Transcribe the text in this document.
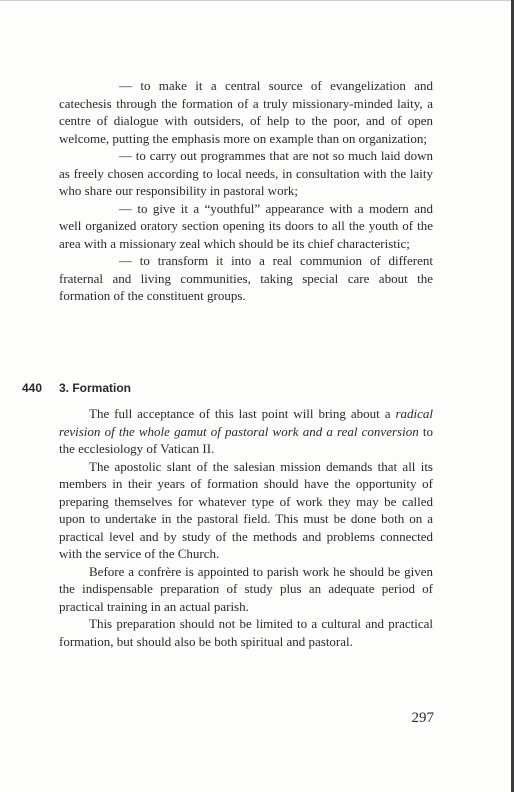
— to make it a central source of evangelization and catechesis through the formation of a truly missionary-minded laity, a centre of dialogue with outsiders, of help to the poor, and of open welcome, putting the emphasis more on example than on organization;

— to carry out programmes that are not so much laid down as freely chosen according to local needs, in consultation with the laity who share our responsibility in pastoral work;

— to give it a “youthful” appearance with a modern and well organized oratory section opening its doors to all the youth of the area with a missionary zeal which should be its chief characteristic;

— to transform it into a real communion of different fraternal and living communities, taking special care about the formation of the constituent groups.

440 3. Formation

The full acceptance of this last point will bring about a radical revision of the whole gamut of pastoral work and a real conversion to the ecclesiology of Vatican II.

The apostolic slant of the salesian mission demands that all its members in their years of formation should have the opportunity of preparing themselves for whatever type of work they may be called upon to undertake in the pastoral field. This must be done both on a practical level and by study of the methods and problems connected with the service of the Church.

Before a confrère is appointed to parish work he should be given the indispensable preparation of study plus an adequate period of practical training in an actual parish.

This preparation should not be limited to a cultural and practical formation, but should also be both spiritual and pastoral.

297
